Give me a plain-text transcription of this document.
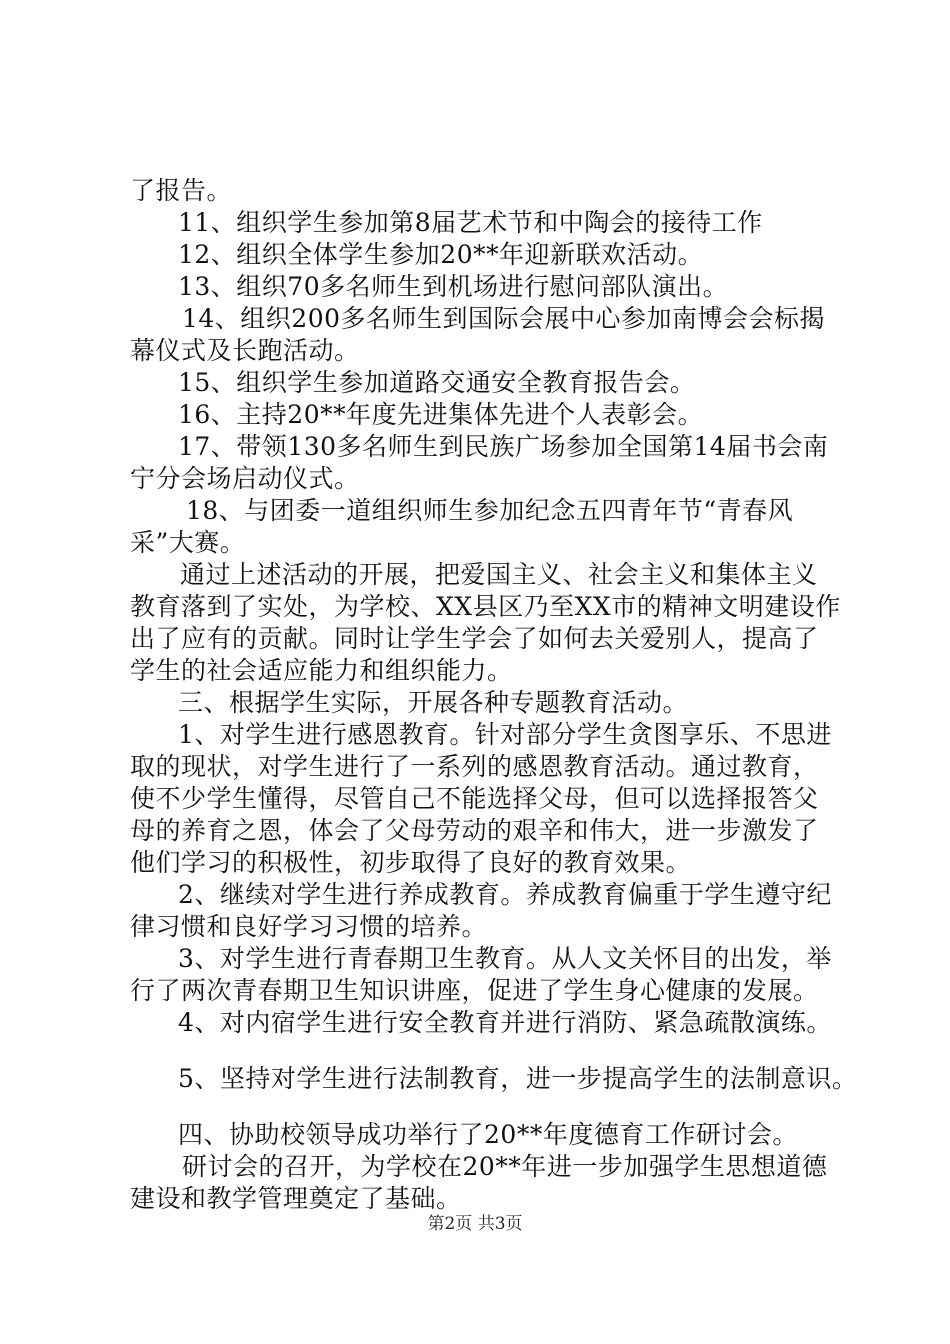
了报告。
11、组织学生参加第8届艺术节和中陶会的接待工作
12、组织全体学生参加20**年迎新联欢活动。
13、组织70多名师生到机场进行慰问部队演出。
14、组织200多名师生到国际会展中心参加南博会会标揭
幕仪式及长跑活动。
15、组织学生参加道路交通安全教育报告会。
16、主持20**年度先进集体先进个人表彰会。
17、带领130多名师生到民族广场参加全国第14届书会南
宁分会场启动仪式。
18、与团委一道组织师生参加纪念五四青年节“青春风
采”大赛。
通过上述活动的开展，把爱国主义、社会主义和集体主义
教育落到了实处，为学校、XX县区乃至XX市的精神文明建设作
出了应有的贡献。同时让学生学会了如何去关爱别人，提高了
学生的社会适应能力和组织能力。
三、根据学生实际，开展各种专题教育活动。
1、对学生进行感恩教育。针对部分学生贪图享乐、不思进
取的现状，对学生进行了一系列的感恩教育活动。通过教育，
使不少学生懂得，尽管自己不能选择父母，但可以选择报答父
母的养育之恩，体会了父母劳动的艰辛和伟大，进一步激发了
他们学习的积极性，初步取得了良好的教育效果。
2、继续对学生进行养成教育。养成教育偏重于学生遵守纪
律习惯和良好学习习惯的培养。
3、对学生进行青春期卫生教育。从人文关怀目的出发，举
行了两次青春期卫生知识讲座，促进了学生身心健康的发展。
4、对内宿学生进行安全教育并进行消防、紧急疏散演练。
5、坚持对学生进行法制教育，进一步提高学生的法制意识。
四、协助校领导成功举行了20**年度德育工作研讨会。
研讨会的召开，为学校在20**年进一步加强学生思想道德
建设和教学管理奠定了基础。
第2页 共3页
